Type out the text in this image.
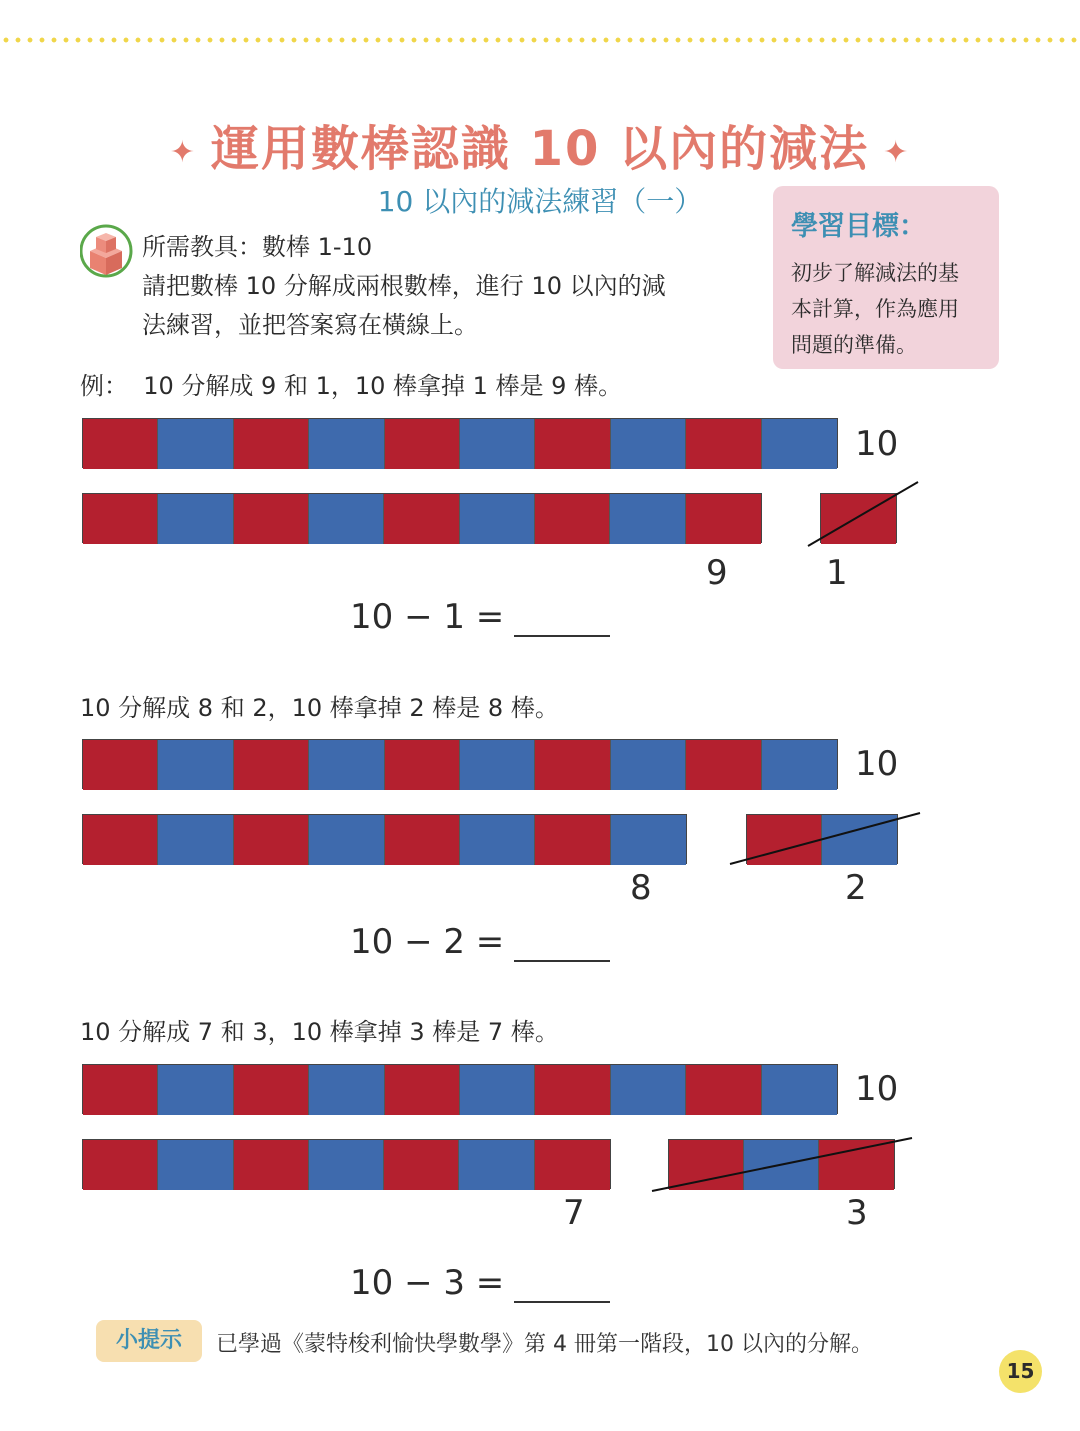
✦ 運用數棒認識 10 以內的減法 ✦
10 以內的減法練習（一）
學習目標：
初步了解減法的基
本計算，作為應用
問題的準備。
所需教具：數棒 1-10
請把數棒 10 分解成兩根數棒，進行 10 以內的減
法練習，並把答案寫在橫線上。
例： 10 分解成 9 和 1，10 棒拿掉 1 棒是 9 棒。
10
9	1
10 − 1 =
10 分解成 8 和 2，10 棒拿掉 2 棒是 8 棒。
10
8	2
10 − 2 =
10 分解成 7 和 3，10 棒拿掉 3 棒是 7 棒。
10
7	3
10 − 3 =
小提示	已學過《蒙特梭利愉快學數學》第 4 冊第一階段，10 以內的分解。
15
